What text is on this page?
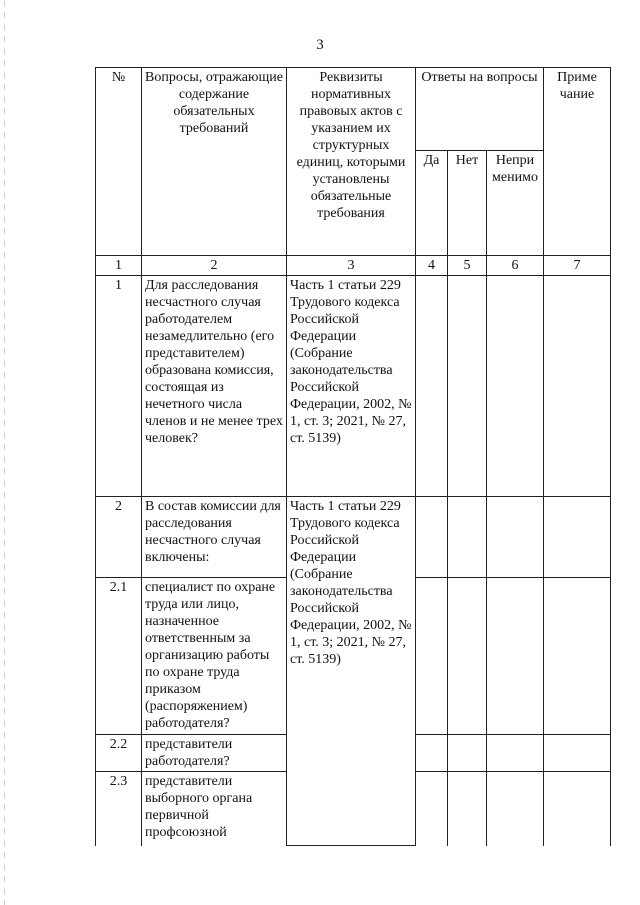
3
№	Вопросы, отражающие содержание обязательных требований	Реквизиты нормативных правовых актов с указанием их структурных единиц, которыми установлены обязательные требования	Ответы на вопросы			Приме чание
			Да	Нет	Непри менимо	
1	2	3	4	5	6	7
1	Для расследования несчастного случая работодателем незамедлительно (его представителем) образована комиссия, состоящая из нечетного числа членов и не менее трех человек?	Часть 1 статьи 229 Трудового кодекса Российской Федерации (Собрание законодательства Российской Федерации, 2002, № 1, ст. 3; 2021, № 27, ст. 5139)				
2	В состав комиссии для расследования несчастного случая включены:	Часть 1 статьи 229 Трудового кодекса Российской Федерации (Собрание законодательства Российской Федерации, 2002, № 1, ст. 3; 2021, № 27, ст. 5139)				
2.1	специалист по охране труда или лицо, назначенное ответственным за организацию работы по охране труда приказом (распоряжением) работодателя?					
2.2	представители работодателя?					
2.3	представители выборного органа первичной профсоюзной					
